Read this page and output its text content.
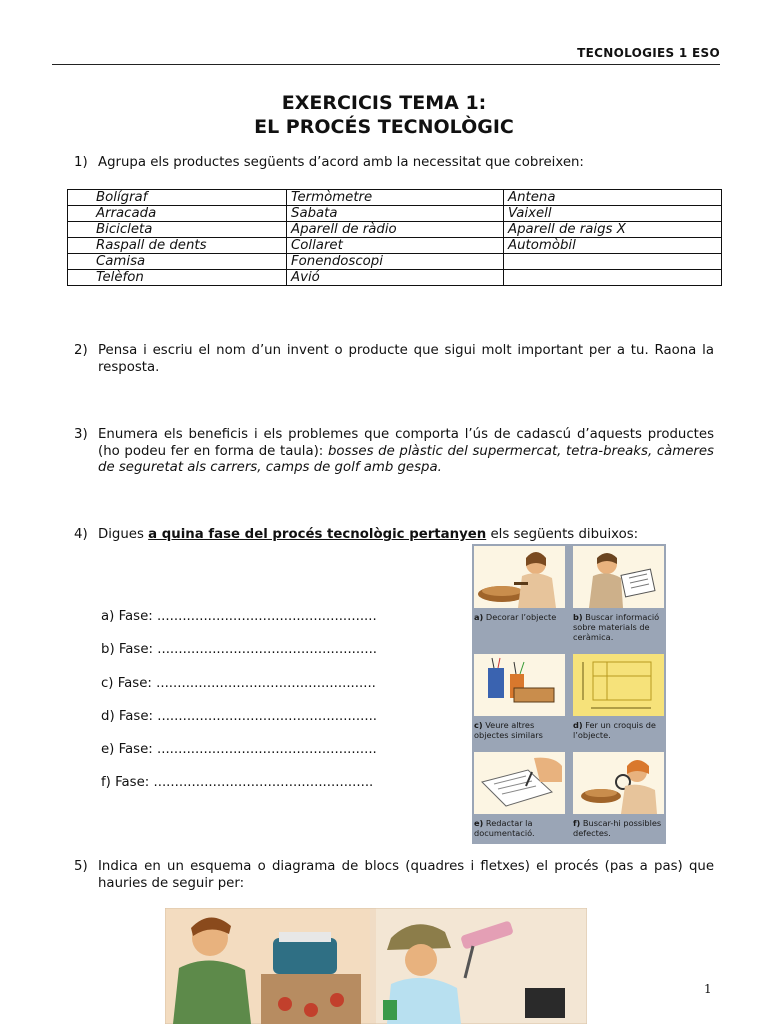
TECNOLOGIES 1 ESO
EXERCICIS TEMA 1:
EL PROCÉS TECNOLÒGIC
1) Agrupa els productes següents d’acord amb la necessitat que cobreixen:
Bolígraf	Termòmetre	Antena
Arracada	Sabata	Vaixell
Bicicleta	Aparell de ràdio	Aparell de raigs X
Raspall de dents	Collaret	Automòbil
Camisa	Fonendoscopi	
Telèfon	Avió	
2) Pensa i escriu el nom d’un invent o producte que sigui molt important per a tu. Raona la resposta.
3) Enumera els beneficis i els problemes que comporta l’ús de cadascú d’aquests productes (ho podeu fer en forma de taula): bosses de plàstic del supermercat, tetra-breaks, càmeres de seguretat als carrers, camps de golf amb gespa.
4) Digues a quina fase del procés tecnològic pertanyen els següents dibuixos:
a) Fase: ....................................................
b) Fase: ....................................................
c) Fase: ....................................................
d) Fase: ....................................................
e) Fase: ....................................................
f) Fase: ....................................................
a) Decorar l’objecte	b) Buscar informació sobre materials de ceràmica.
c) Veure altres objectes similars
d) Fer un croquis de l’objecte.
e) Redactar la documentació.
f) Buscar-hi possibles defectes.
5) Indica en un esquema o diagrama de blocs (quadres i fletxes) el procés (pas a pas) que hauries de seguir per:
1
